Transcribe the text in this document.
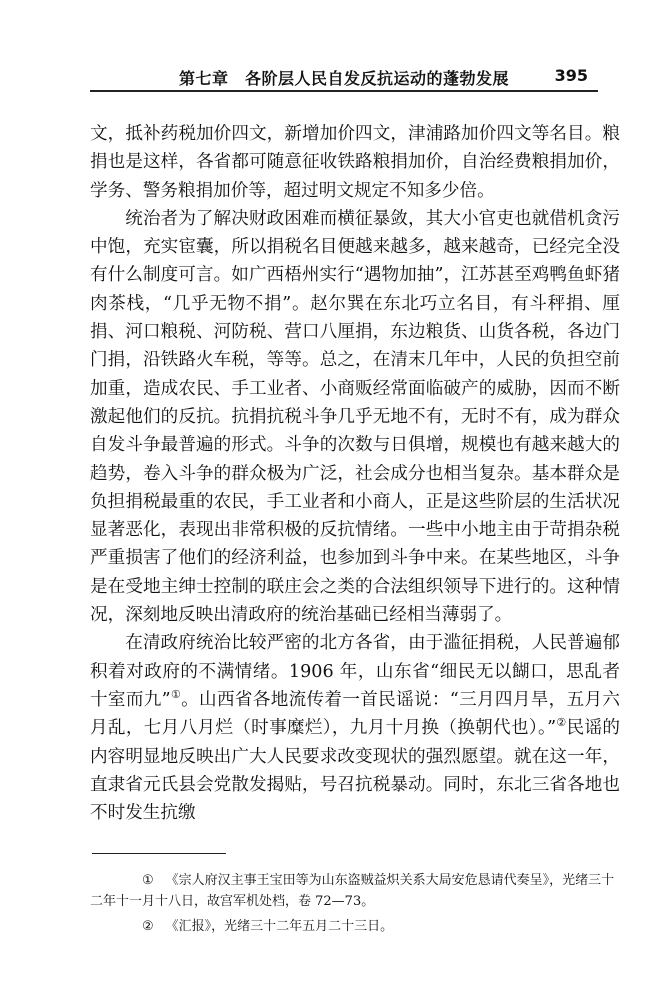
第七章　各阶层人民自发反抗运动的蓬勃发展	395

文，抵补药税加价四文，新增加价四文，津浦路加价四文等名目。粮捐也是这样，各省都可随意征收铁路粮捐加价，自治经费粮捐加价，学务、警务粮捐加价等，超过明文规定不知多少倍。

统治者为了解决财政困难而横征暴敛，其大小官吏也就借机贪污中饱，充实宦囊，所以捐税名目便越来越多，越来越奇，已经完全没有什么制度可言。如广西梧州实行“遇物加抽”，江苏甚至鸡鸭鱼虾猪肉茶栈，“几乎无物不捐”。赵尔巽在东北巧立名目，有斗秤捐、厘捐、河口粮税、河防税、营口八厘捐，东边粮货、山货各税，各边门门捐，沿铁路火车税，等等。总之，在清末几年中，人民的负担空前加重，造成农民、手工业者、小商贩经常面临破产的威胁，因而不断激起他们的反抗。抗捐抗税斗争几乎无地不有，无时不有，成为群众自发斗争最普遍的形式。斗争的次数与日俱增，规模也有越来越大的趋势，卷入斗争的群众极为广泛，社会成分也相当复杂。基本群众是负担捐税最重的农民，手工业者和小商人，正是这些阶层的生活状况显著恶化，表现出非常积极的反抗情绪。一些中小地主由于苛捐杂税严重损害了他们的经济利益，也参加到斗争中来。在某些地区，斗争是在受地主绅士控制的联庄会之类的合法组织领导下进行的。这种情况，深刻地反映出清政府的统治基础已经相当薄弱了。

在清政府统治比较严密的北方各省，由于滥征捐税，人民普遍郁积着对政府的不满情绪。1906 年，山东省“细民无以餬口，思乱者十室而九”①。山西省各地流传着一首民谣说：“三月四月旱，五月六月乱，七月八月烂（时事糜烂），九月十月换（换朝代也）。”②民谣的内容明显地反映出广大人民要求改变现状的强烈愿望。就在这一年，直隶省元氏县会党散发揭贴，号召抗税暴动。同时，东北三省各地也不时发生抗缴

① 《宗人府汉主事王宝田等为山东盗贼益炽关系大局安危恳请代奏呈》，光绪三十二年十一月十八日，故宫军机处档，卷 72—73。

② 《汇报》，光绪三十二年五月二十三日。
